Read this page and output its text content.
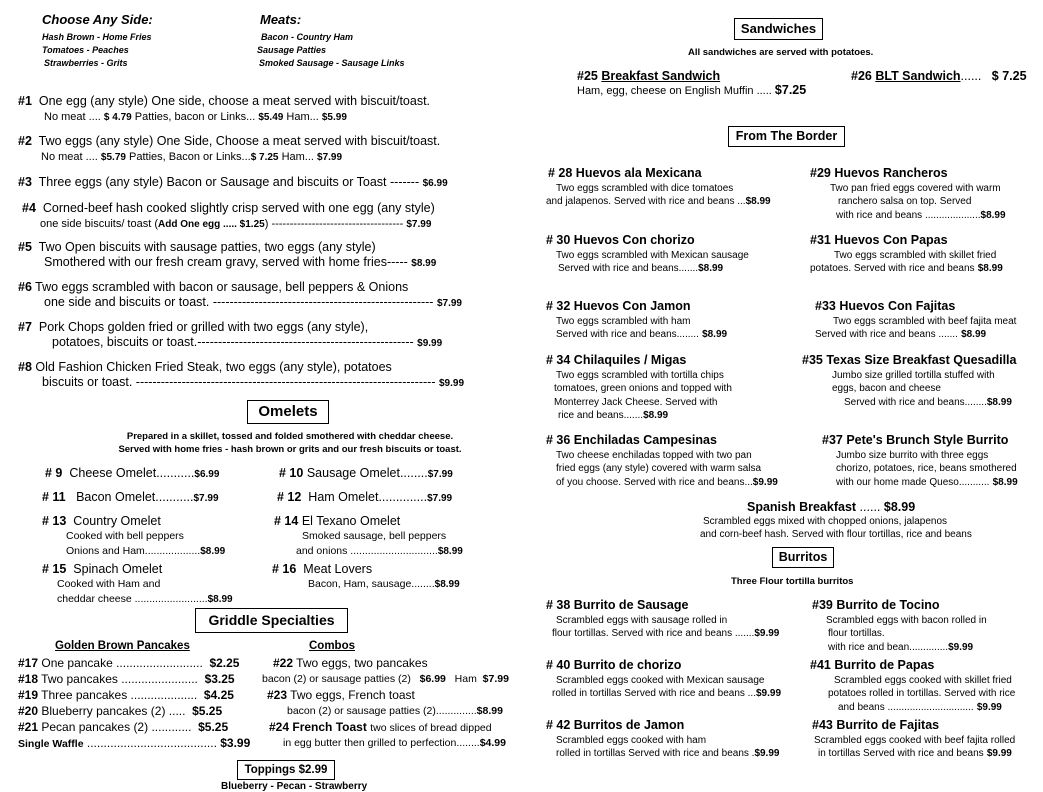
Choose Any Side:
Hash Brown - Home Fries
Tomatoes - Peaches
Strawberries - Grits
Meats:
Bacon - Country Ham
Sausage Patties
Smoked Sausage - Sausage Links
#1 One egg (any style) One side, choose a meat served with biscuit/toast.
No meat .... $ 4.79 Patties, bacon or Links... $5.49 Ham... $5.99
#2 Two eggs (any style) One Side, Choose a meat served with biscuit/toast.
No meat .... $5.79 Patties, Bacon or Links...$ 7.25 Ham... $7.99
#3 Three eggs (any style) Bacon or Sausage and biscuits or Toast ------- $6.99
#4 Corned-beef hash cooked slightly crisp served with one egg (any style)
one side biscuits/ toast (Add One egg ..... $1.25) ------------------------------------ $7.99
#5 Two Open biscuits with sausage patties, two eggs (any style)
Smothered with our fresh cream gravy, served with home fries----- $8.99
#6 Two eggs scrambled with bacon or sausage, bell peppers & Onions
one side and biscuits or toast. ----------------------------------------------------- $7.99
#7 Pork Chops golden fried or grilled with two eggs (any style),
potatoes, biscuits or toast.---------------------------------------------------- $9.99
#8 Old Fashion Chicken Fried Steak, two eggs (any style), potatoes
biscuits or toast. ------------------------------------------------------------------------ $9.99
Omelets
Prepared in a skillet, tossed and folded smothered with cheddar cheese.
Served with home fries - hash brown or grits and our fresh biscuits or toast.
# 9 Cheese Omelet...........$6.99	# 10 Sausage Omelet........$7.99
# 11 Bacon Omelet...........$7.99	# 12 Ham Omelet..............$7.99
# 13 Country Omelet
Cooked with bell peppers
Onions and Ham...................$8.99
# 14 El Texano Omelet
Smoked sausage, bell peppers
and onions ..............................$8.99
# 15 Spinach Omelet
Cooked with Ham and
cheddar cheese .........................$8.99
# 16 Meat Lovers
Bacon, Ham, sausage........$8.99
Griddle Specialties
Golden Brown Pancakes	Combos
#17 One pancake .......................... $2.25
#18 Two pancakes ....................... $3.25
#19 Three pancakes .................... $4.25
#20 Blueberry pancakes (2) ..... $5.25
#21 Pecan pancakes (2) ............ $5.25
Single Waffle ....................................... $3.99
#22 Two eggs, two pancakes
bacon (2) or sausage patties (2) $6.99 Ham $7.99
#23 Two eggs, French toast
bacon (2) or sausage patties (2)..............$8.99
#24 French Toast two slices of bread dipped
in egg butter then grilled to perfection........$4.99
Toppings $2.99
Blueberry - Pecan - Strawberry
Sandwiches
All sandwiches are served with potatoes.
#25 Breakfast Sandwich
Ham, egg, cheese on English Muffin ..... $7.25
#26 BLT Sandwich...... $ 7.25
From The Border
# 28 Huevos ala Mexicana
Two eggs scrambled with dice tomatoes
and jalapenos. Served with rice and beans ...$8.99
#29 Huevos Rancheros
Two pan fried eggs covered with warm
ranchero salsa on top. Served
with rice and beans ....................$8.99
# 30 Huevos Con chorizo
Two eggs scrambled with Mexican sausage
Served with rice and beans.......$8.99
#31 Huevos Con Papas
Two eggs scrambled with skillet fried
potatoes. Served with rice and beans $8.99
# 32 Huevos Con Jamon
Two eggs scrambled with ham
Served with rice and beans........ $8.99
#33 Huevos Con Fajitas
Two eggs scrambled with beef fajita meat
Served with rice and beans ....... $8.99
# 34 Chilaquiles / Migas
Two eggs scrambled with tortilla chips
tomatoes, green onions and topped with
Monterrey Jack Cheese. Served with
rice and beans.......$8.99
#35 Texas Size Breakfast Quesadilla
Jumbo size grilled tortilla stuffed with
eggs, bacon and cheese
Served with rice and beans........$8.99
# 36 Enchiladas Campesinas
Two cheese enchiladas topped with two pan
fried eggs (any style) covered with warm salsa
of you choose. Served with rice and beans...$9.99
#37 Pete's Brunch Style Burrito
Jumbo size burrito with three eggs
chorizo, potatoes, rice, beans smothered
with our home made Queso........... $8.99
Spanish Breakfast ...... $8.99
Scrambled eggs mixed with chopped onions, jalapenos
and corn-beef hash. Served with flour tortillas, rice and beans
Burritos
Three Flour tortilla burritos
# 38 Burrito de Sausage
Scrambled eggs with sausage rolled in
flour tortillas. Served with rice and beans .......$9.99
#39 Burrito de Tocino
Scrambled eggs with bacon rolled in
flour tortillas.
with rice and bean..............$9.99
# 40 Burrito de chorizo
Scrambled eggs cooked with Mexican sausage
rolled in tortillas Served with rice and beans ...$9.99
#41 Burrito de Papas
Scrambled eggs cooked with skillet fried
potatoes rolled in tortillas. Served with rice
and beans ............................... $9.99
# 42 Burritos de Jamon
Scrambled eggs cooked with ham
rolled in tortillas Served with rice and beans .$9.99
#43 Burrito de Fajitas
Scrambled eggs cooked with beef fajita rolled
in tortillas Served with rice and beans $9.99
